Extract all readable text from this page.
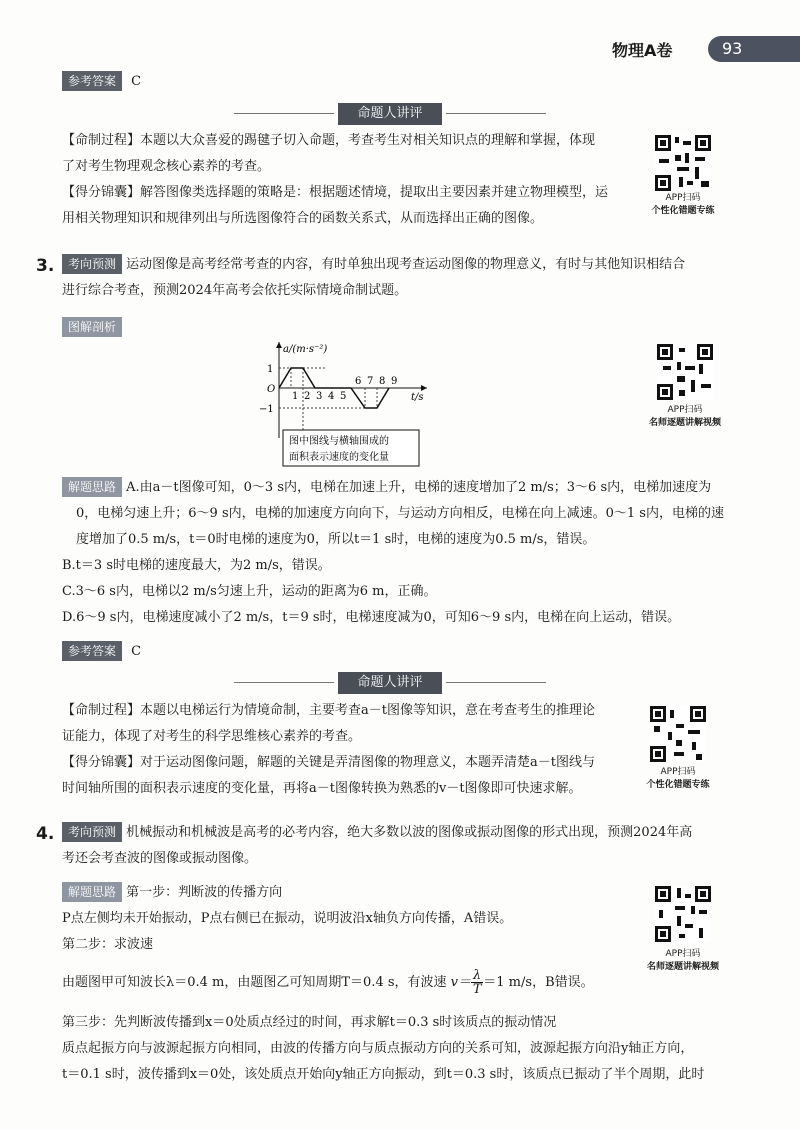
物理A卷	93
参考答案 C
命题人讲评
【命制过程】本题以大众喜爱的踢毽子切入命题，考查考生对相关知识点的理解和掌握，体现
了对考生物理观念核心素养的考查。
【得分锦囊】解答图像类选择题的策略是：根据题述情境，提取出主要因素并建立物理模型，运
用相关物理知识和规律列出与所选图像符合的函数关系式，从而选择出正确的图像。
APP扫码
个性化错题专练
3.	考向预测 运动图像是高考经常考查的内容，有时单独出现考查运动图像的物理意义，有时与其他知识相结合
进行综合考查，预测2024年高考会依托实际情境命制试题。
图解剖析
a/(m·s⁻²)
t/s
1
O
−1
1 2 3 4 5
6 7 8 9
图中图线与横轴围成的
面积表示速度的变化量
APP扫码
名师逐题讲解视频
解题思路 A.由a－t图像可知，0～3 s内，电梯在加速上升，电梯的速度增加了2 m/s；3～6 s内，电梯加速度为
0，电梯匀速上升；6～9 s内，电梯的加速度方向向下，与运动方向相反，电梯在向上减速。0～1 s内，电梯的速
度增加了0.5 m/s，t＝0时电梯的速度为0，所以t＝1 s时，电梯的速度为0.5 m/s，错误。
B.t＝3 s时电梯的速度最大，为2 m/s，错误。
C.3～6 s内，电梯以2 m/s匀速上升，运动的距离为6 m，正确。
D.6～9 s内，电梯速度减小了2 m/s，t＝9 s时，电梯速度减为0，可知6～9 s内，电梯在向上运动，错误。
参考答案 C
命题人讲评
【命制过程】本题以电梯运行为情境命制，主要考查a－t图像等知识，意在考查考生的推理论
证能力，体现了对考生的科学思维核心素养的考查。
【得分锦囊】对于运动图像问题，解题的关键是弄清图像的物理意义，本题弄清楚a－t图线与
时间轴所围的面积表示速度的变化量，再将a－t图像转换为熟悉的v－t图像即可快速求解。
APP扫码
个性化错题专练
4.	考向预测 机械振动和机械波是高考的必考内容，绝大多数以波的图像或振动图像的形式出现，预测2024年高
考还会考查波的图像或振动图像。
解题思路 第一步：判断波的传播方向
P点左侧均未开始振动，P点右侧已在振动，说明波沿x轴负方向传播，A错误。
第二步：求波速
APP扫码
名师逐题讲解视频
由题图甲可知波长λ＝0.4 m，由题图乙可知周期T＝0.4 s，有波速 $v= \frac{\lambda}{T} =1$ m/s，B错误。
第三步：先判断波传播到x＝0处质点经过的时间，再求解t＝0.3 s时该质点的振动情况
质点起振方向与波源起振方向相同，由波的传播方向与质点振动方向的关系可知，波源起振方向沿y轴正方向，
t＝0.1 s时，波传播到x＝0处，该处质点开始向y轴正方向振动，到t＝0.3 s时，该质点已振动了半个周期，此时
